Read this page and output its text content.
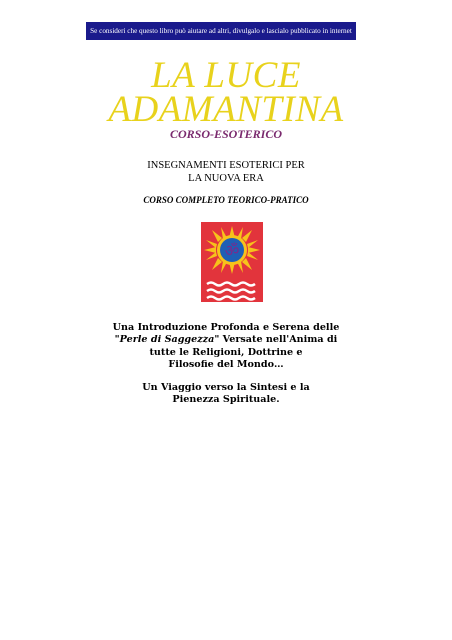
Se consideri che questo libro può aiutare ad altri, divulgalo e lascialo pubblicato in internet
LA LUCE
ADAMANTINA
CORSO-ESOTERICO
INSEGNAMENTI ESOTERICI PER
LA NUOVA ERA
CORSO COMPLETO TEORICO-PRATICO
ॐ
Una Introduzione Profonda e Serena delle
"Perle di Saggezza" Versate nell'Anima di
tutte le Religioni, Dottrine e
Filosofie del Mondo…
Un Viaggio verso la Sintesi e la
Pienezza Spirituale.
